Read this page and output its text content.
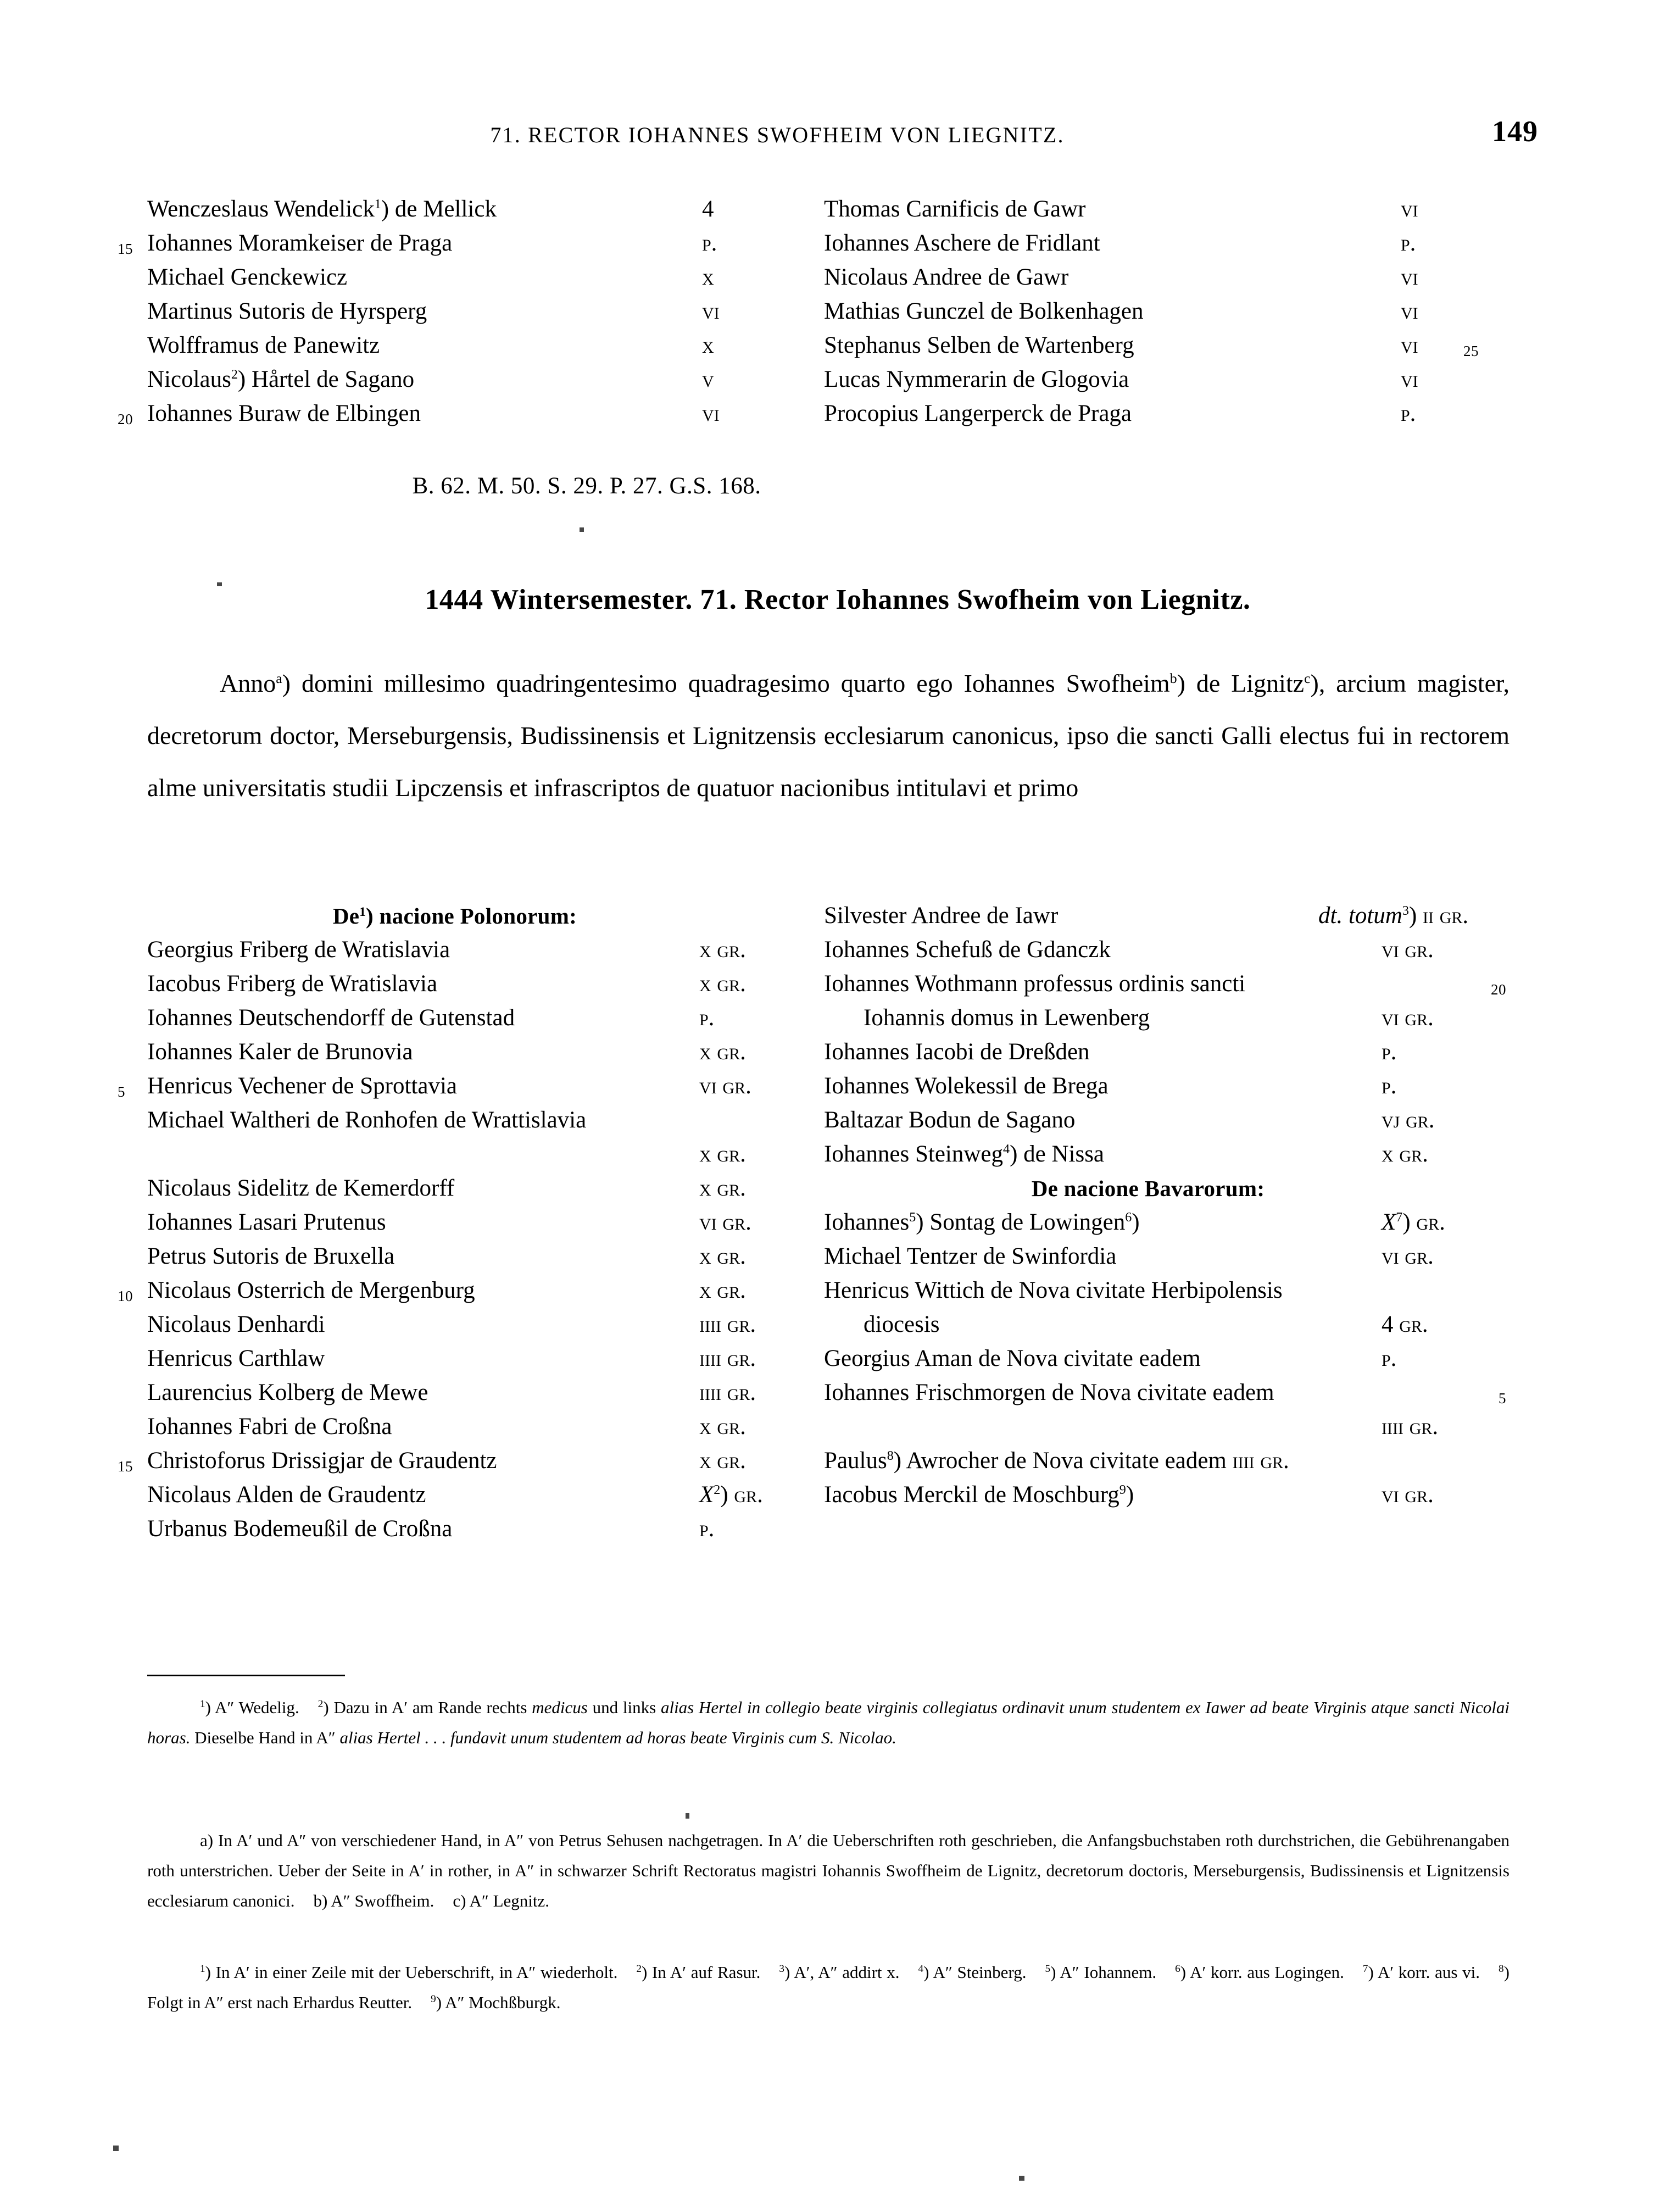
71. RECTOR IOHANNES SWOFHEIM VON LIEGNITZ.	149
Wenczeslaus Wendelick$^1$) de Mellick	4
15 Iohannes Moramkeiser de Praga	p.
Michael Genckewicz	x
Martinus Sutoris de Hyrsperg	vi
Wolfframus de Panewitz	x
Nicolaus$^2$) Hårtel de Sagano	v
20 Iohannes Buraw de Elbingen	vi
Thomas Carnificis de Gawr	vi
Iohannes Aschere de Fridlant	p.
Nicolaus Andree de Gawr	vi
Mathias Gunczel de Bolkenhagen	vi
Stephanus Selben de Wartenberg	vi	25
Lucas Nymmerarin de Glogovia	vi
Procopius Langerperck de Praga	p.
B. 62. M. 50. S. 29. P. 27. G.S. 168.
1444 Wintersemester. 71. Rector Iohannes Swofheim von Liegnitz.
Anno$^a$) domini millesimo quadringentesimo quadragesimo quarto ego Iohannes Swofheim$^b$) de Lignitz$^c$), arcium magister, decretorum doctor, Merseburgensis, Budissinensis et Lignitzensis ecclesiarum canonicus, ipso die sancti Galli electus fui in rectorem alme universitatis studii Lipczensis et infrascriptos de quatuor nacionibus intitulavi et primo
De$^1$) nacione Polonorum:
Georgius Friberg de Wratislavia	x gr.
Iacobus Friberg de Wratislavia	x gr.
Iohannes Deutschendorff de Gutenstad	p.
Iohannes Kaler de Brunovia	x gr.
5 Henricus Vechener de Sprottavia	vi gr.
Michael Waltheri de Ronhofen de Wrattislavia
x gr.
Nicolaus Sidelitz de Kemerdorff	x gr.
Iohannes Lasari Prutenus	vi gr.
Petrus Sutoris de Bruxella	x gr.
10 Nicolaus Osterrich de Mergenburg	x gr.
Nicolaus Denhardi	iiii gr.
Henricus Carthlaw	iiii gr.
Laurencius Kolberg de Mewe	iiii gr.
Iohannes Fabri de Croßna	x gr.
15 Christoforus Drissigjar de Graudentz	x gr.
Nicolaus Alden de Graudentz	$X^2$) gr.
Urbanus Bodemeußil de Croßna	p.
Silvester Andree de Iawr	dt. totum$^3$) ii gr.
Iohannes Schefuß de Gdanczk	vi gr.
Iohannes Wothmann professus ordinis sancti	20
Iohannis domus in Lewenberg	vi gr.
Iohannes Iacobi de Dreßden	p.
Iohannes Wolekessil de Brega	p.
Baltazar Bodun de Sagano	vj gr.
Iohannes Steinweg$^4$) de Nissa	x gr.
De nacione Bavarorum:
Iohannes$^5$) Sontag de Lowingen$^6$)	$X^7$) gr.
Michael Tentzer de Swinfordia	vi gr.
Henricus Wittich de Nova civitate Herbipolensis
diocesis	4 gr.
Georgius Aman de Nova civitate eadem	p.
Iohannes Frischmorgen de Nova civitate eadem	5
iiii gr.
Paulus$^8$) Awrocher de Nova civitate eadem iiii gr.
Iacobus Merckil de Moschburg$^9$)	vi gr.
$^1$) A″ Wedelig. $^2$) Dazu in A′ am Rande rechts medicus und links alias Hertel in collegio beate virginis collegiatus ordinavit unum studentem ex Iawer ad beate Virginis atque sancti Nicolai horas. Dieselbe Hand in A″ alias Hertel . . . fundavit unum studentem ad horas beate Virginis cum S. Nicolao.
a) In A′ und A″ von verschiedener Hand, in A″ von Petrus Sehusen nachgetragen. In A′ die Ueberschriften roth geschrieben, die Anfangsbuchstaben roth durchstrichen, die Gebührenangaben roth unterstrichen. Ueber der Seite in A′ in rother, in A″ in schwarzer Schrift Rectoratus magistri Iohannis Swoffheim de Lignitz, decretorum doctoris, Merseburgensis, Budissinensis et Lignitzensis ecclesiarum canonici. b) A″ Swoffheim. c) A″ Legnitz.
$^1$) In A′ in einer Zeile mit der Ueberschrift, in A″ wiederholt. $^2$) In A′ auf Rasur. $^3$) A′, A″ addirt x. $^4$) A″ Steinberg. $^5$) A″ Iohannem. $^6$) A′ korr. aus Logingen. $^7$) A′ korr. aus vi. $^8$) Folgt in A″ erst nach Erhardus Reutter. $^9$) A″ Mochßburgk.
